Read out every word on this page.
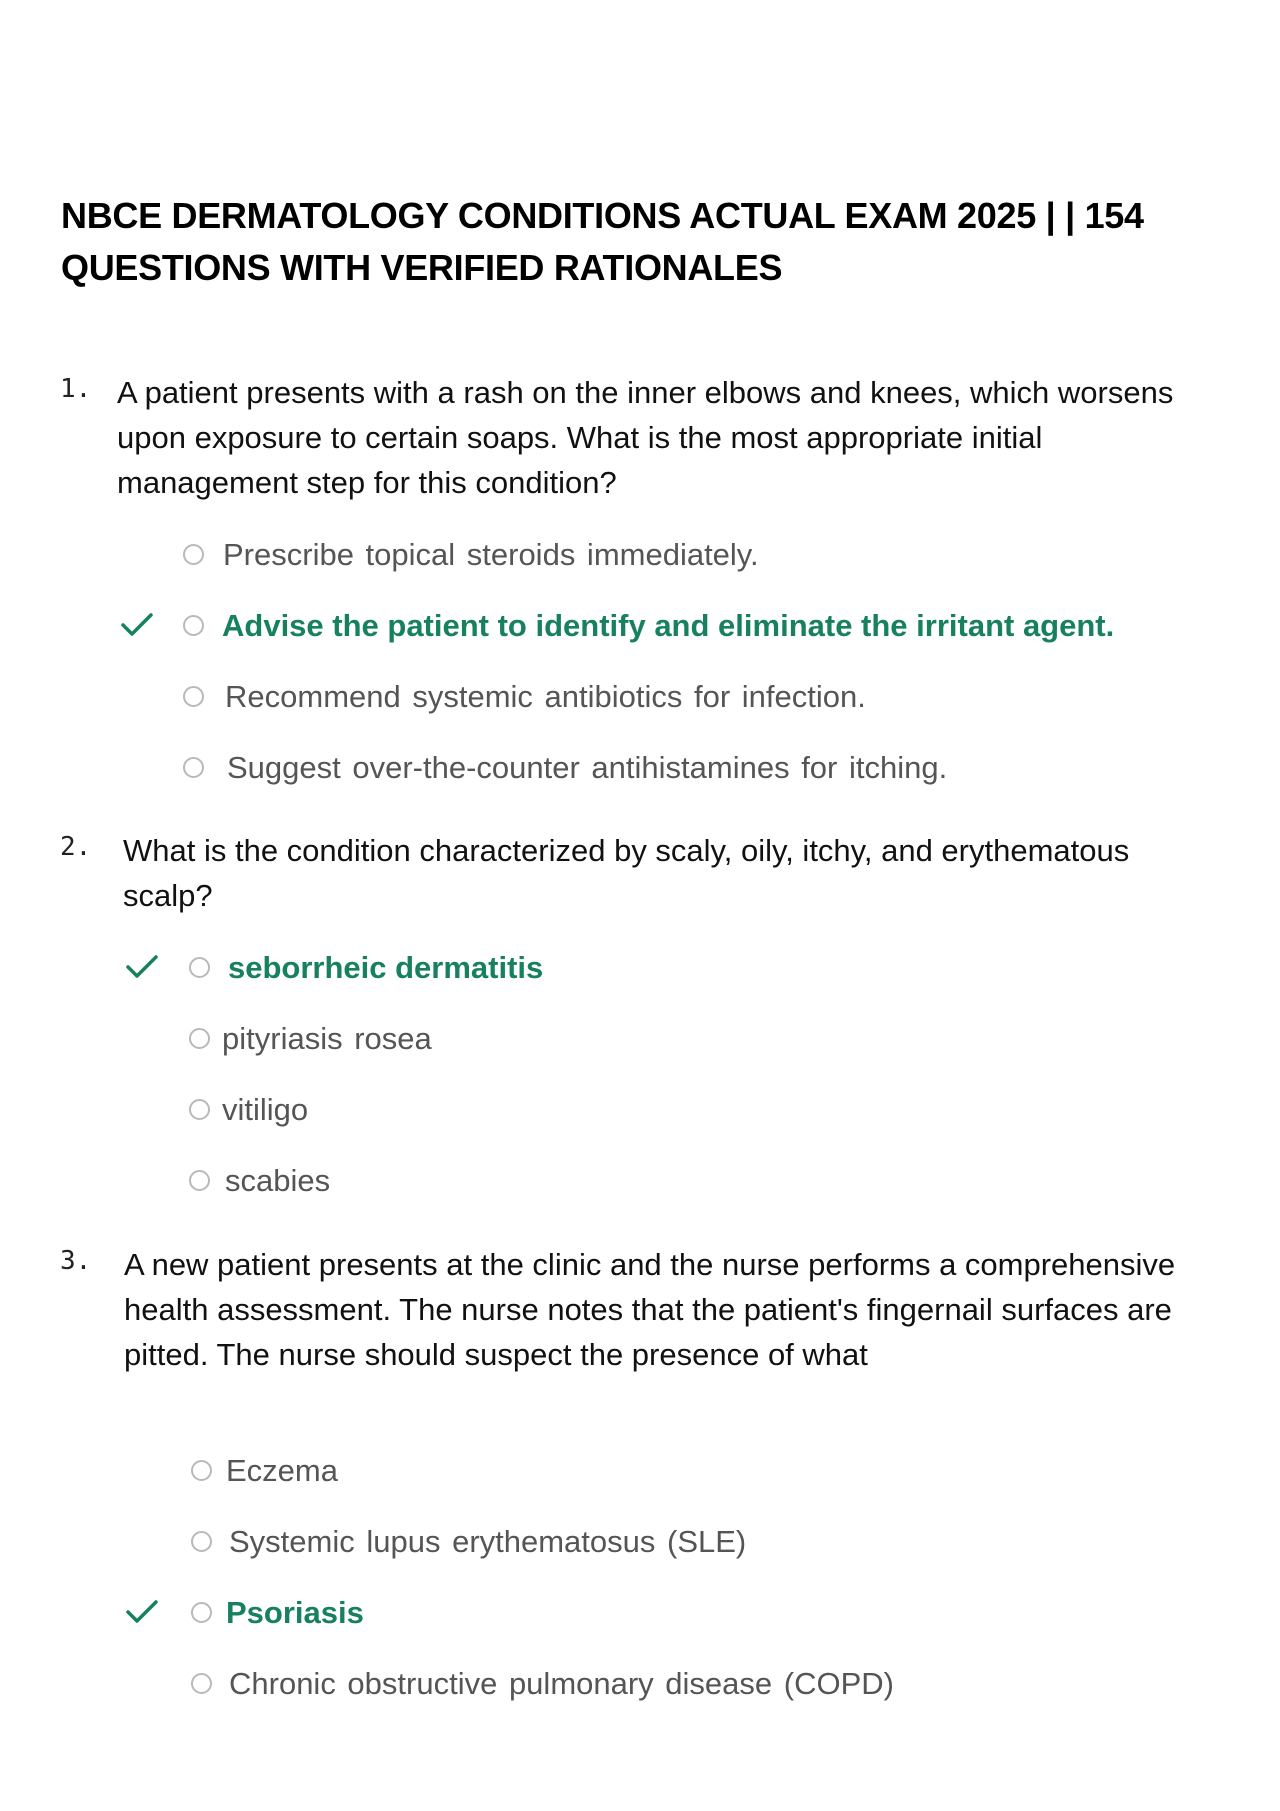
NBCE DERMATOLOGY CONDITIONS ACTUAL EXAM 2025 | | 154 QUESTIONS WITH VERIFIED RATIONALES
1. A patient presents with a rash on the inner elbows and knees, which worsens upon exposure to certain soaps. What is the most appropriate initial management step for this condition?

Prescribe topical steroids immediately.
Advise the patient to identify and eliminate the irritant agent.
Recommend systemic antibiotics for infection.
Suggest over-the-counter antihistamines for itching.
2. What is the condition characterized by scaly, oily, itchy, and erythematous scalp?

seborrheic dermatitis
pityriasis rosea
vitiligo
scabies
3. A new patient presents at the clinic and the nurse performs a comprehensive health assessment. The nurse notes that the patient's fingernail surfaces are pitted. The nurse should suspect the presence of what

Eczema
Systemic lupus erythematosus (SLE)
Psoriasis
Chronic obstructive pulmonary disease (COPD)
